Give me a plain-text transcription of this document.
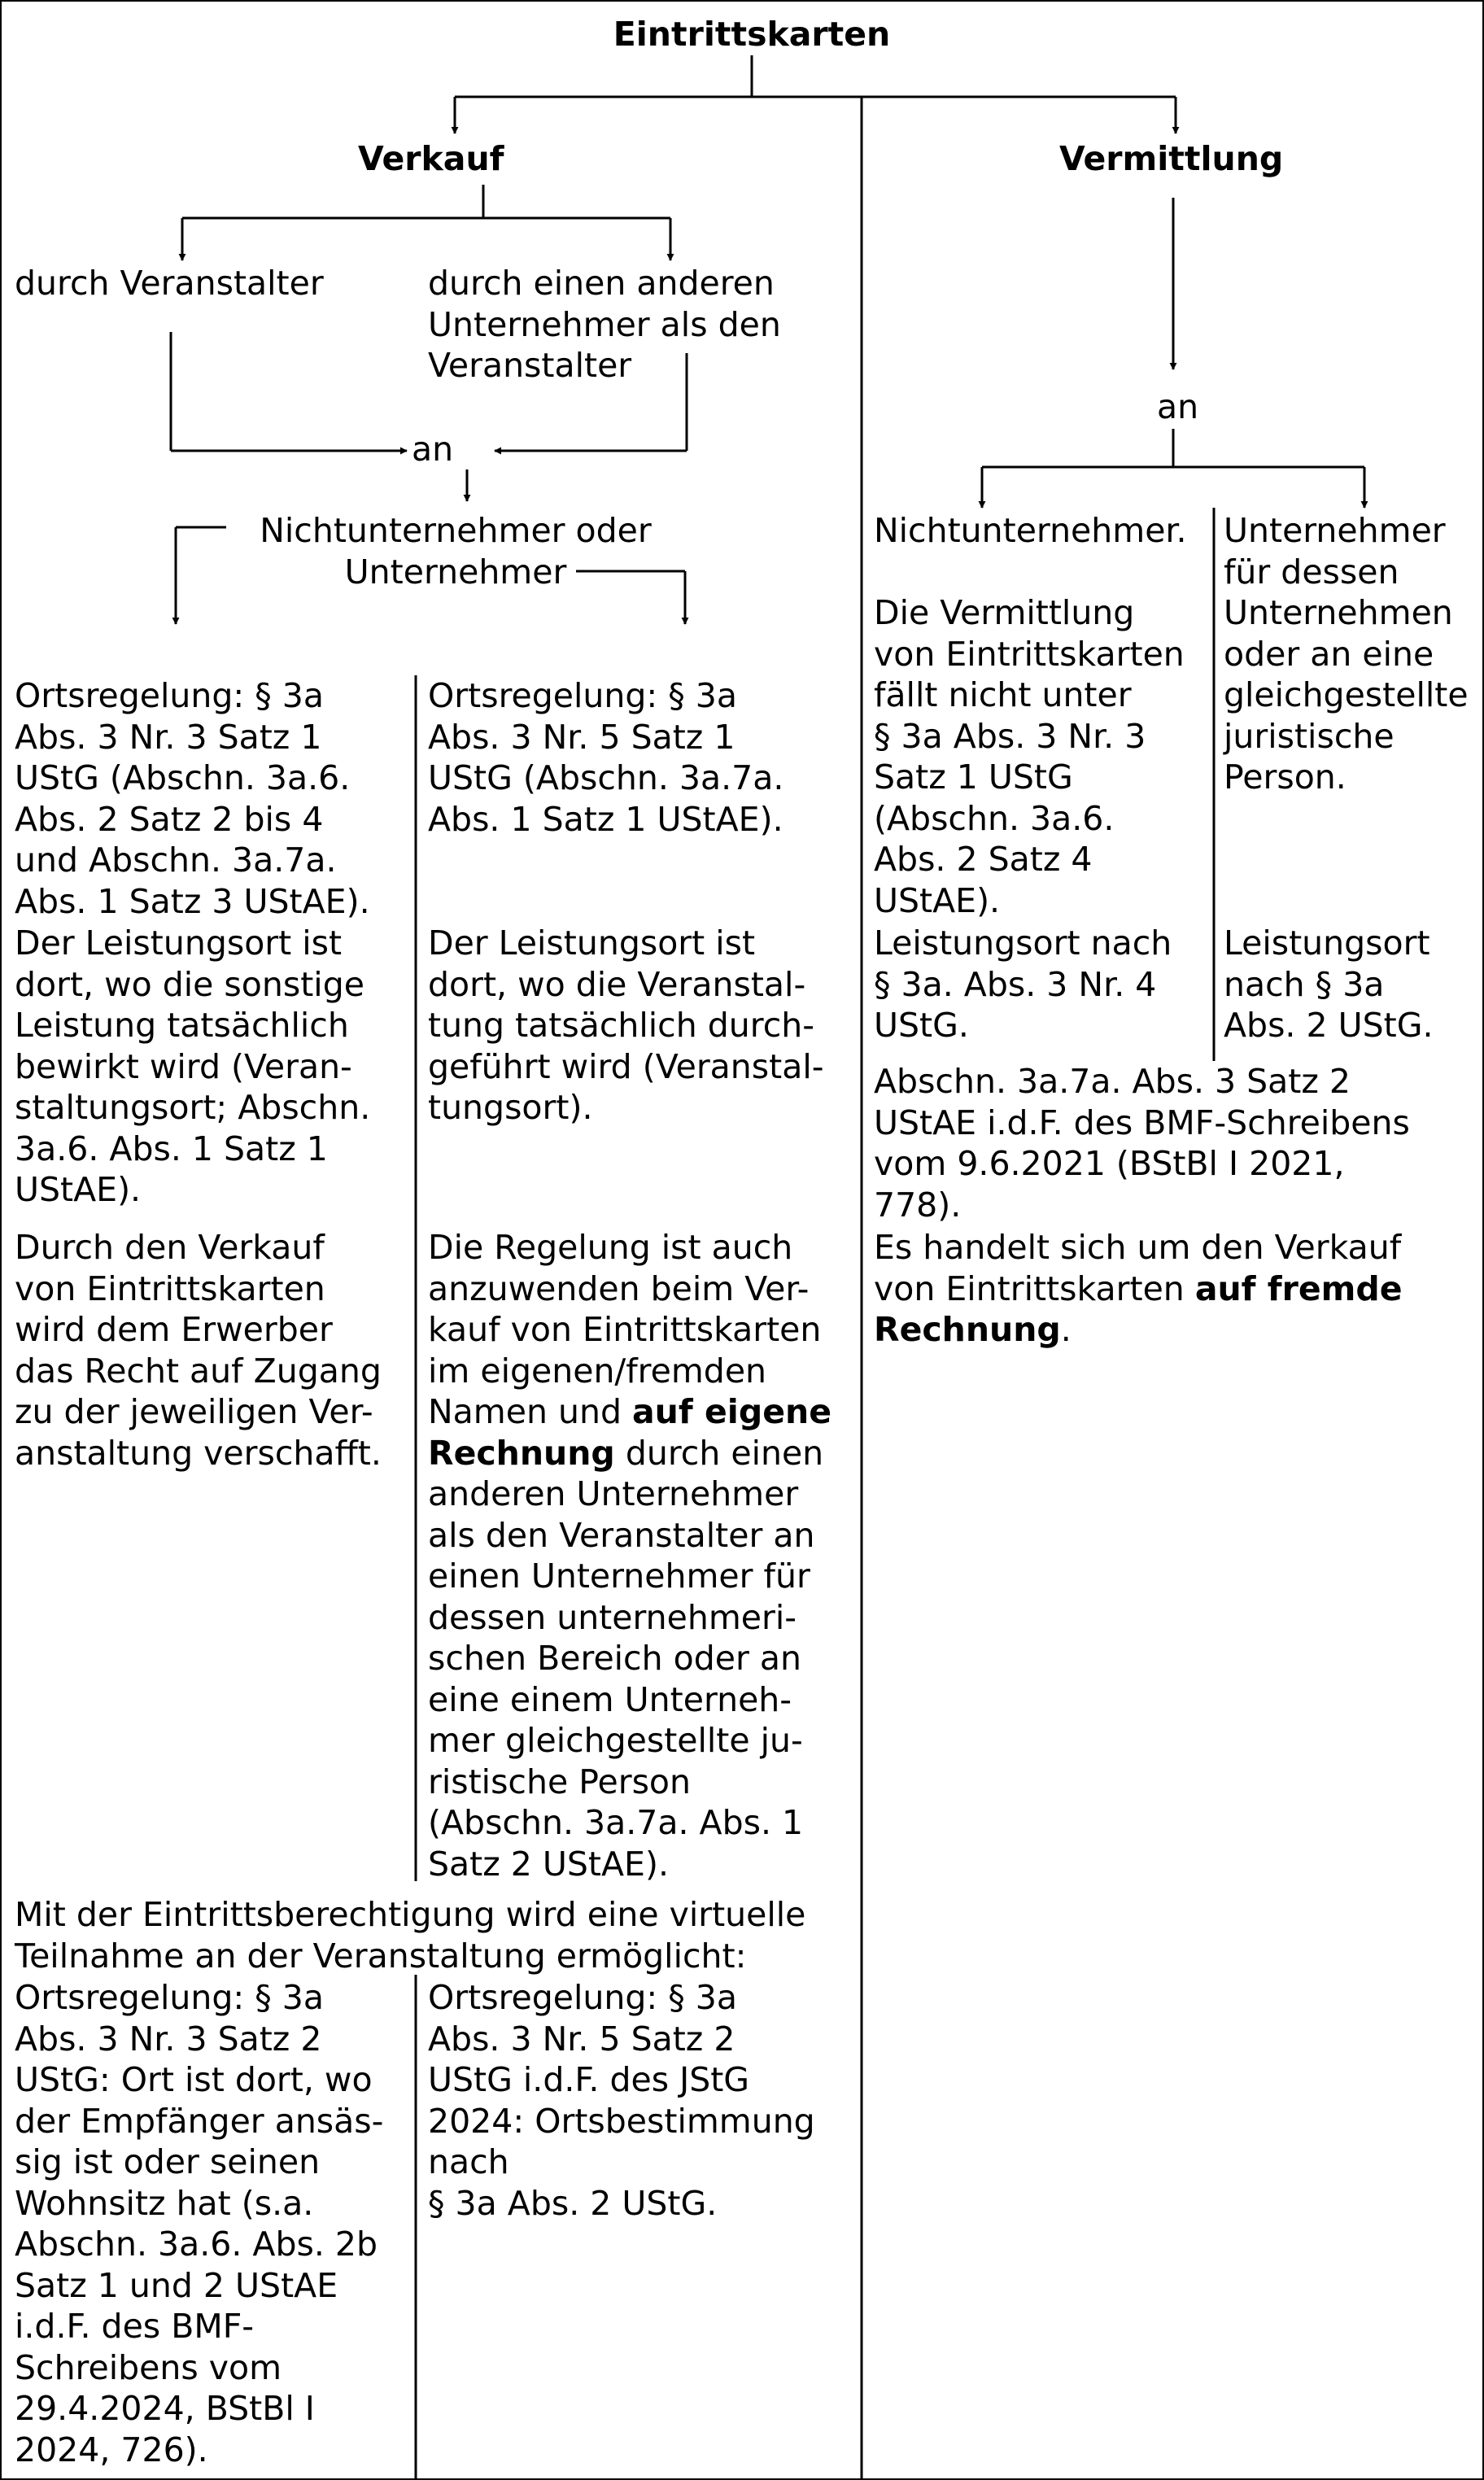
Eintrittskarten
Verkauf	Vermittlung

durch Veranstalter	durch einen anderen
Unternehmer als den
Veranstalter

an

Nichtunternehmer oder
Unternehmer

Ortsregelung: § 3a
Abs. 3 Nr. 3 Satz 1
UStG (Abschn. 3a.6.
Abs. 2 Satz 2 bis 4
und Abschn. 3a.7a.
Abs. 1 Satz 3 UStAE).

Der Leistungsort ist
dort, wo die sonstige
Leistung tatsächlich
bewirkt wird (Veran-
staltungsort; Abschn.
3a.6. Abs. 1 Satz 1
UStAE).

Durch den Verkauf
von Eintrittskarten
wird dem Erwerber
das Recht auf Zugang
zu der jeweiligen Ver-
anstaltung verschafft.

Ortsregelung: § 3a
Abs. 3 Nr. 5 Satz 1
UStG (Abschn. 3a.7a.
Abs. 1 Satz 1 UStAE).

Der Leistungsort ist
dort, wo die Veranstal-
tung tatsächlich durch-
geführt wird (Veranstal-
tungsort).

Die Regelung ist auch
anzuwenden beim Ver-
kauf von Eintrittskarten
im eigenen/fremden
Namen und auf eigene
Rechnung durch einen
anderen Unternehmer
als den Veranstalter an
einen Unternehmer für
dessen unternehmeri-
schen Bereich oder an
eine einem Unterneh-
mer gleichgestellte ju-
ristische Person
(Abschn. 3a.7a. Abs. 1
Satz 2 UStAE).

Mit der Eintrittsberechtigung wird eine virtuelle
Teilnahme an der Veranstaltung ermöglicht:

Ortsregelung: § 3a
Abs. 3 Nr. 3 Satz 2
UStG: Ort ist dort, wo
der Empfänger ansäs-
sig ist oder seinen
Wohnsitz hat (s.a.
Abschn. 3a.6. Abs. 2b
Satz 1 und 2 UStAE
i.d.F. des BMF-
Schreibens vom
29.4.2024, BStBl I
2024, 726).

Ortsregelung: § 3a
Abs. 3 Nr. 5 Satz 2
UStG i.d.F. des JStG
2024: Ortsbestimmung
nach
§ 3a Abs. 2 UStG.

an

Nichtunternehmer.

Die Vermittlung
von Eintrittskarten
fällt nicht unter
§ 3a Abs. 3 Nr. 3
Satz 1 UStG
(Abschn. 3a.6.
Abs. 2 Satz 4
UStAE).

Leistungsort nach
§ 3a. Abs. 3 Nr. 4
UStG.

Unternehmer
für dessen
Unternehmen
oder an eine
gleichgestellte
juristische
Person.

Leistungsort
nach § 3a
Abs. 2 UStG.

Abschn. 3a.7a. Abs. 3 Satz 2
UStAE i.d.F. des BMF-Schreibens
vom 9.6.2021 (BStBl I 2021,
778).

Es handelt sich um den Verkauf
von Eintrittskarten auf fremde
Rechnung.
